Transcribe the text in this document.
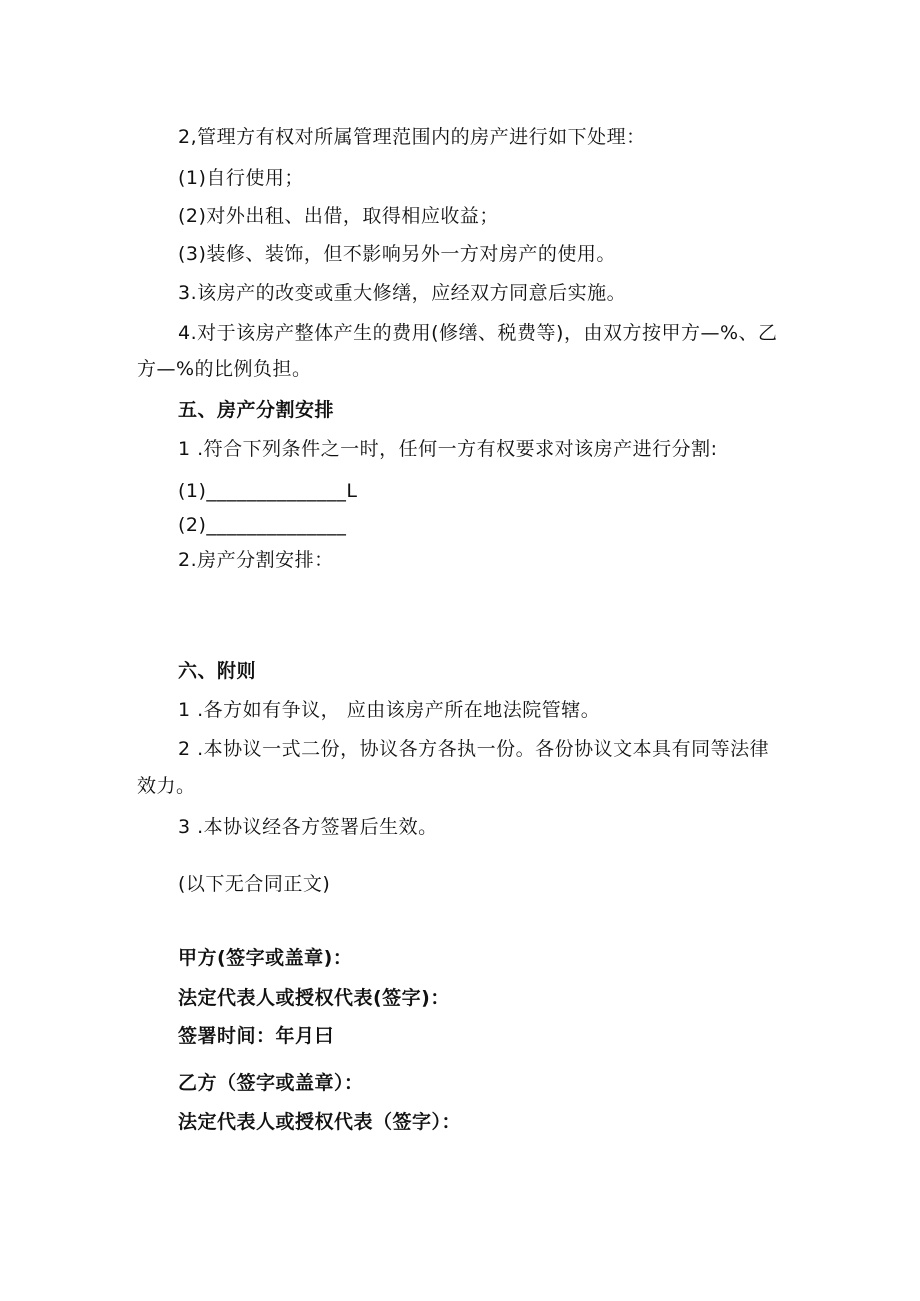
2,管理方有权对所属管理范围内的房产进行如下处理：
(1)自行使用；
(2)对外出租、出借，取得相应收益；
(3)装修、装饰，但不影响另外一方对房产的使用。
3.该房产的改变或重大修缮，应经双方同意后实施。
4.对于该房产整体产生的费用(修缮、税费等)，由双方按甲方—%、乙
方—%的比例负担。
五、房产分割安排
1 .符合下列条件之一时，任何一方有权要求对该房产进行分割:
(1)______________L
(2)______________
2.房产分割安排：
六、附则
1 .各方如有争议， 应由该房产所在地法院管辖。
2 .本协议一式二份，协议各方各执一份。各份协议文本具有同等法律
效力。
3 .本协议经各方签署后生效。
(以下无合同正文)
甲方(签字或盖章)：
法定代表人或授权代表(签字)：
签署时间：年月曰
乙方（签字或盖章）：
法定代表人或授权代表（签字）：
